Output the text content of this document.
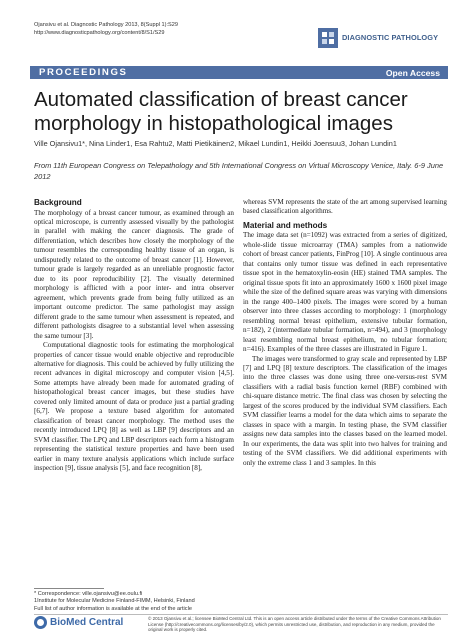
Ojansivu et al. Diagnostic Pathology 2013, 8(Suppl 1):S29
http://www.diagnosticpathology.org/content/8/S1/S29
DIAGNOSTIC PATHOLOGY
PROCEEDINGS	Open Access
Automated classification of breast cancer morphology in histopathological images
Ville Ojansivu1*, Nina Linder1, Esa Rahtu2, Matti Pietikäinen2, Mikael Lundin1, Heikki Joensuu3, Johan Lundin1
From 11th European Congress on Telepathology and 5th International Congress on Virtual Microscopy Venice, Italy. 6-9 June 2012
Background

The morphology of a breast cancer tumour, as examined through an optical microscope, is currently assessed visually by the pathologist in parallel with making the cancer diagnosis. The grade of differentiation, which describes how closely the morphology of the tumour resembles the corresponding healthy tissue of an organ, is undisputedly related to the outcome of breast cancer [1]. However, tumour grade is largely regarded as an unreliable prognostic factor due to its poor reproducibility [2]. The visually determined morphology is afflicted with a poor inter- and intra observer agreement, which prevents grade from being fully utilized as an important outcome predictor. The same pathologist may assign different grade to the same tumour when assessment is repeated, and different pathologists disagree to a substantial level when assessing the same tumour [3].

Computational diagnostic tools for estimating the morphological properties of cancer tissue would enable objective and reproducible alternative for diagnosis. This could be achieved by fully utilizing the recent advances in digital microscopy and computer vision [4,5]. Some attempts have already been made for automated grading of histopathological breast cancer images, but these studies have covered only limited amount of data or produce just a partial grading [6,7]. We propose a texture based algorithm for automated classification of breast cancer morphology. The method uses the recently introduced LPQ [8] as well as LBP [9] descriptors and an SVM classifier. The LPQ and LBP descriptors each form a histogram representing the statistical texture properties and have been used earlier in many texture analysis applications which include surface inspection [9], tissue analysis [5], and face recognition [8],

whereas SVM represents the state of the art among supervised learning based classification algorithms.

Material and methods

The image data set (n=1092) was extracted from a series of digitized, whole-slide tissue microarray (TMA) samples from a nationwide cohort of breast cancer patients, FinProg [10]. A single continuous area that contains only tumor tissue was defined in each representative tissue spot in the hematoxylin-eosin (HE) stained TMA samples. The original tissue spots fit into an approximately 1600 x 1600 pixel image while the size of the defined square areas was varying with dimensions in the range 400–1400 pixels. The images were scored by a human observer into three classes according to morphology: 1 (morphology resembling normal breast epithelium, extensive tubular formation, n=182), 2 (intermediate tubular formation, n=494), and 3 (morphology least resembling normal breast epithelium, no tubular formation; n=416). Examples of the three classes are illustrated in Figure 1.

The images were transformed to gray scale and represented by LBP [7] and LPQ [8] texture descriptors. The classification of the images into the three classes was done using three one-versus-rest SVM classifiers with a radial basis function kernel (RBF) combined with chi-square distance metric. The final class was chosen by selecting the largest of the scores produced by the individual SVM classifiers. Each SVM classifier learns a model for the data which aims to separate the classes in space with a margin. In testing phase, the SVM classifier assigns new data samples into the classes based on the learned model. In our experiments, the data was split into two halves for training and testing of the SVM classifiers. We did additional experiments with only the extreme class 1 and 3 samples. In this

* Correspondence: ville.ojansivu@ee.oulu.fi
1Institute for Molecular Medicine Finland-FIMM, Helsinki, Finland
Full list of author information is available at the end of the article
BioMed Central	© 2013 Ojansivu et al.; licensee BioMed Central Ltd. This is an open access article distributed under the terms of the Creative Commons Attribution License (http://creativecommons.org/licenses/by/2.0), which permits unrestricted use, distribution, and reproduction in any medium, provided the original work is properly cited.
